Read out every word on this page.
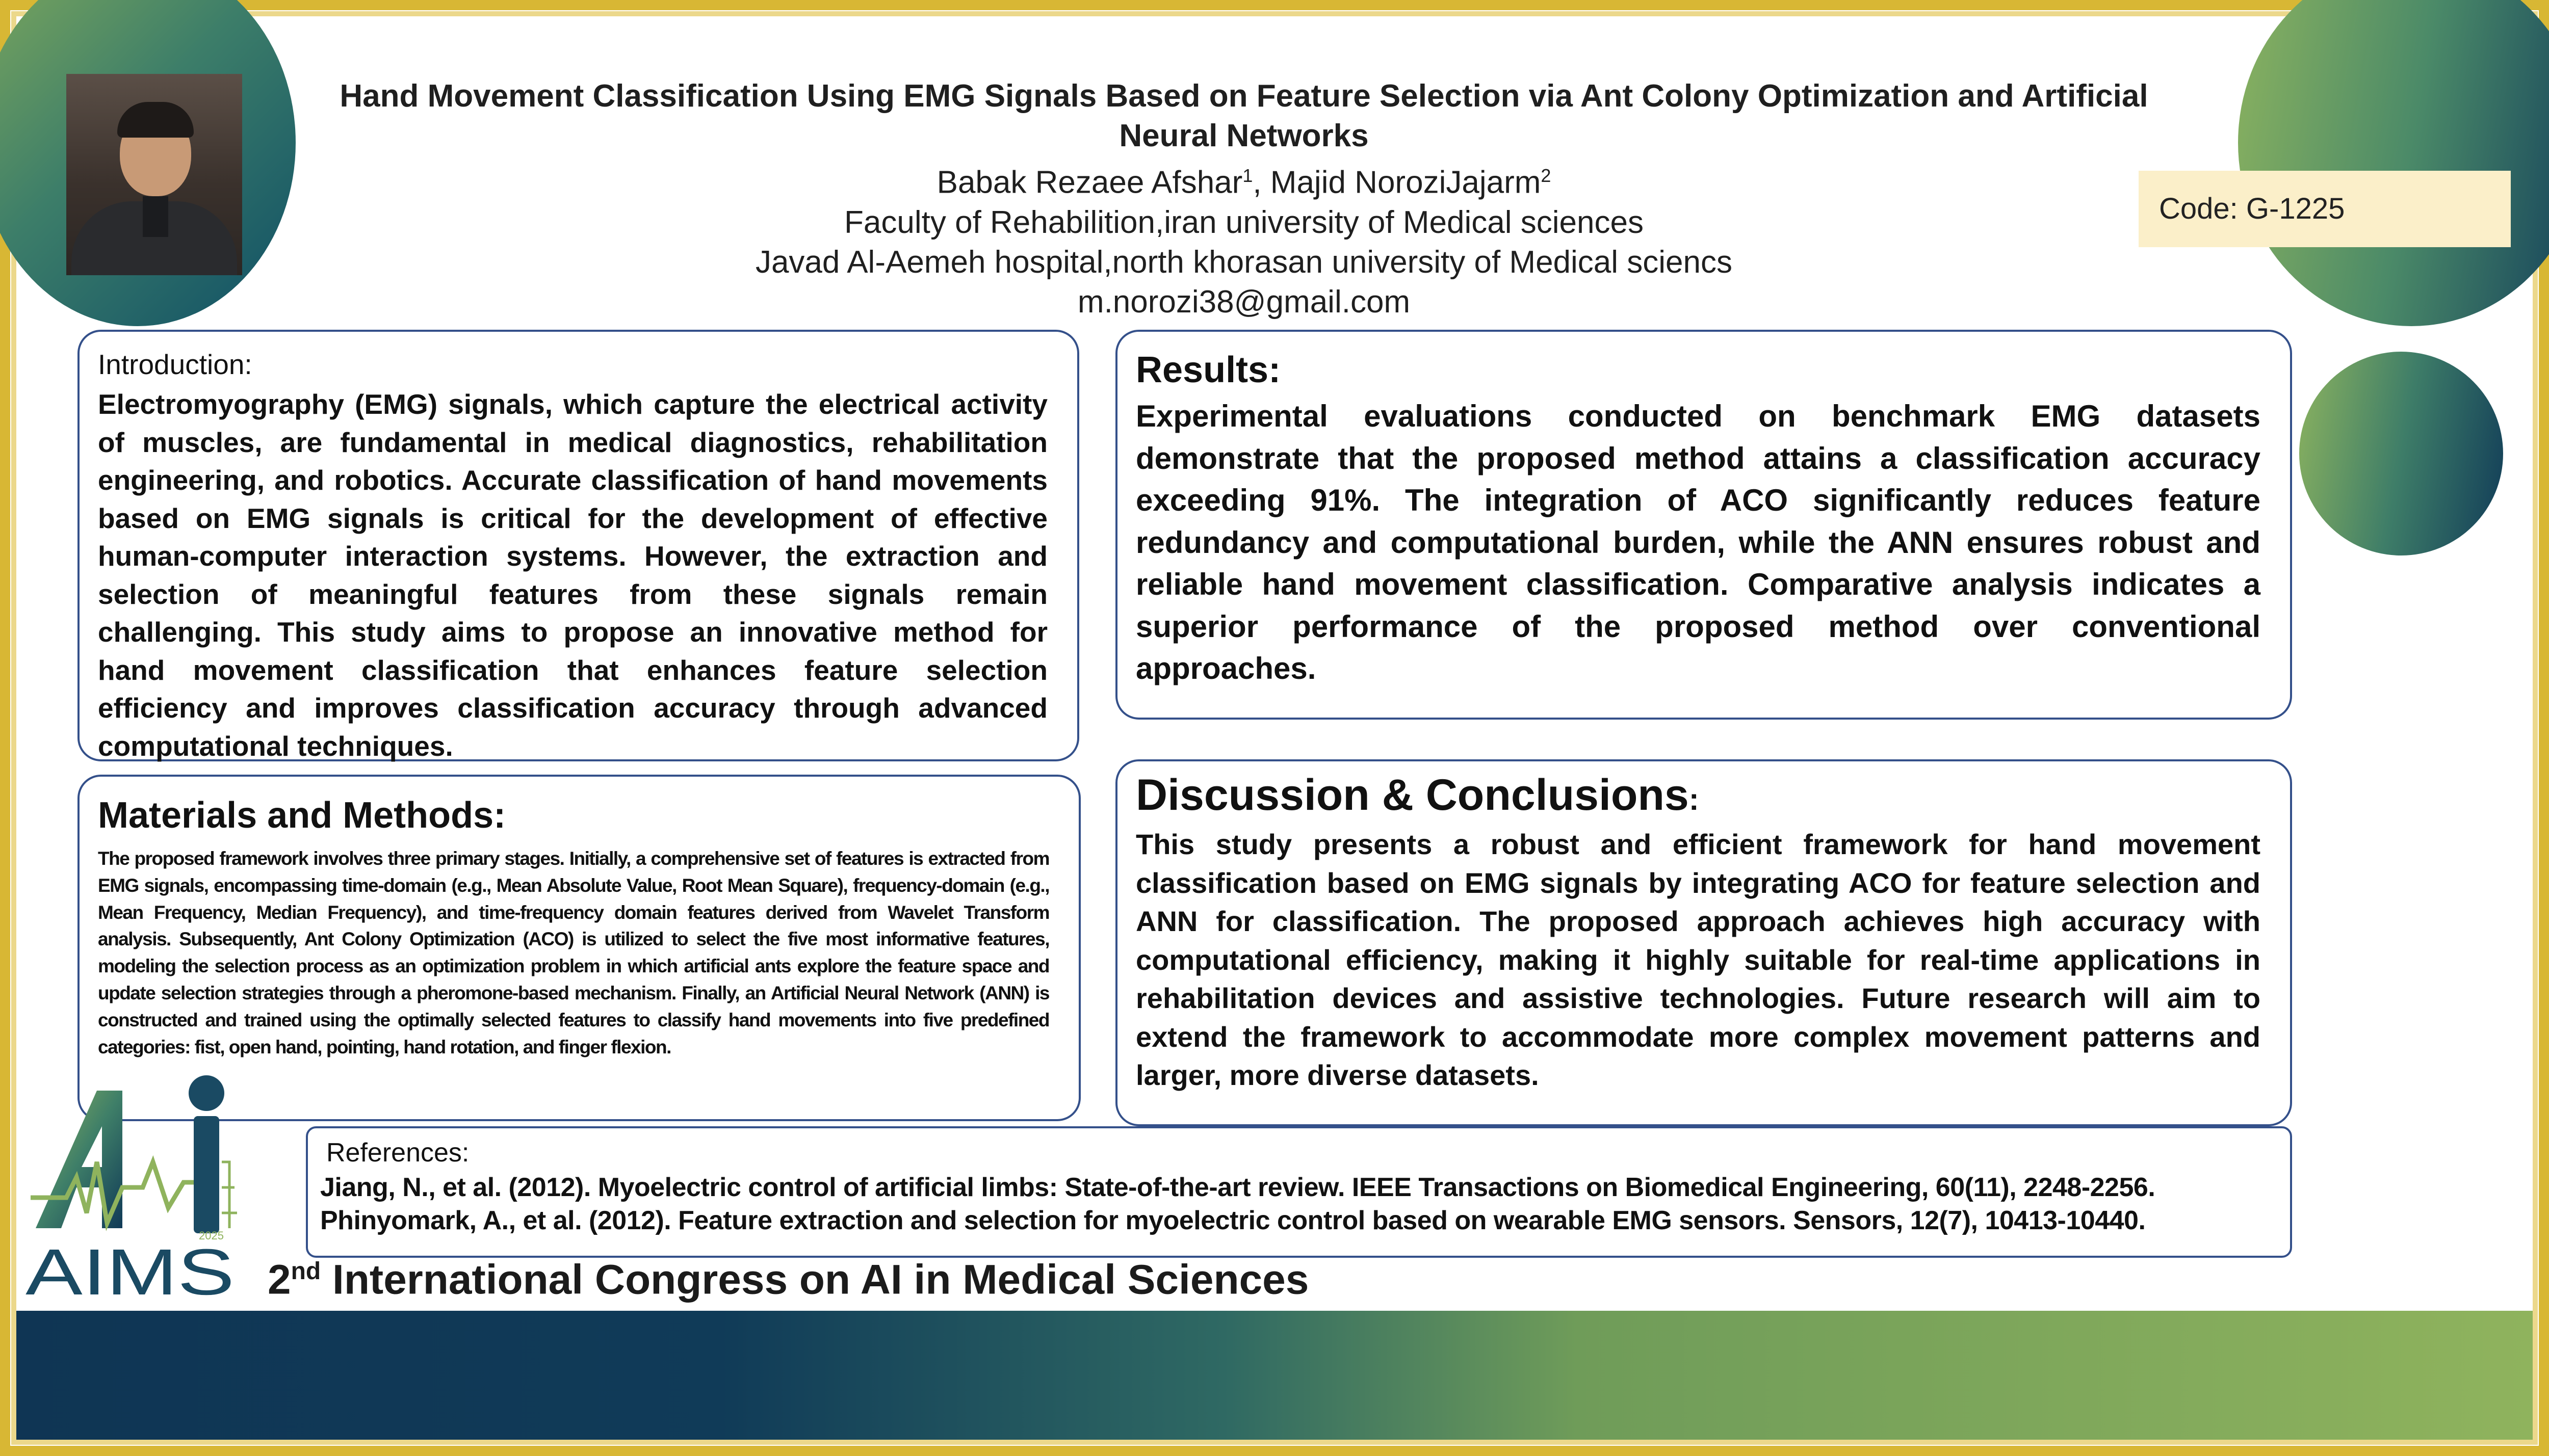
Hand Movement Classification Using EMG Signals Based on Feature Selection via Ant Colony Optimization and Artificial
Neural Networks
Babak Rezaee Afshar$^1$, Majid NoroziJajarm$^2$
Faculty of Rehabilition,iran university of Medical sciences
Javad Al-Aemeh hospital,north khorasan university of Medical sciencs
m.norozi38@gmail.com
Code: G-1225
Introduction:
Electromyography (EMG) signals, which capture the electrical activity of muscles, are fundamental in medical diagnostics, rehabilitation engineering, and robotics. Accurate classification of hand movements based on EMG signals is critical for the development of effective human-computer interaction systems. However, the extraction and selection of meaningful features from these signals remain challenging. This study aims to propose an innovative method for hand movement classification that enhances feature selection efficiency and improves classification accuracy through advanced computational techniques.
Results:
Experimental evaluations conducted on benchmark EMG datasets demonstrate that the proposed method attains a classification accuracy exceeding 91%. The integration of ACO significantly reduces feature redundancy and computational burden, while the ANN ensures robust and reliable hand movement classification. Comparative analysis indicates a superior performance of the proposed method over conventional approaches.
Materials and Methods:
The proposed framework involves three primary stages. Initially, a comprehensive set of features is extracted from EMG signals, encompassing time-domain (e.g., Mean Absolute Value, Root Mean Square), frequency-domain (e.g., Mean Frequency, Median Frequency), and time-frequency domain features derived from Wavelet Transform analysis. Subsequently, Ant Colony Optimization (ACO) is utilized to select the five most informative features, modeling the selection process as an optimization problem in which artificial ants explore the feature space and update selection strategies through a pheromone-based mechanism. Finally, an Artificial Neural Network (ANN) is constructed and trained using the optimally selected features to classify hand movements into five predefined categories: fist, open hand, pointing, hand rotation, and finger flexion.
Discussion & Conclusions:
This study presents a robust and efficient framework for hand movement classification based on EMG signals by integrating ACO for feature selection and ANN for classification. The proposed approach achieves high accuracy with computational efficiency, making it highly suitable for real-time applications in rehabilitation devices and assistive technologies. Future research will aim to extend the framework to accommodate more complex movement patterns and larger, more diverse datasets.
References:
Jiang, N., et al. (2012). Myoelectric control of artificial limbs: State-of-the-art review. IEEE Transactions on Biomedical Engineering, 60(11), 2248-2256.
Phinyomark, A., et al. (2012). Feature extraction and selection for myoelectric control based on wearable EMG sensors. Sensors, 12(7), 10413-10440.
2025
AIMS 2nd International Congress on AI in Medical Sciences
